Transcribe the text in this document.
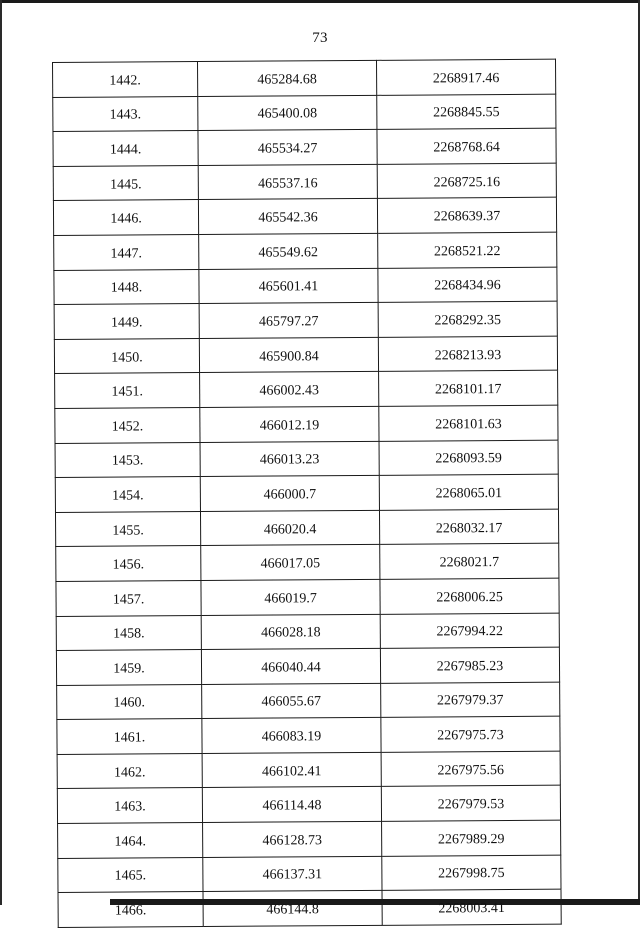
73
1442.	465284.68	2268917.46
1443.	465400.08	2268845.55
1444.	465534.27	2268768.64
1445.	465537.16	2268725.16
1446.	465542.36	2268639.37
1447.	465549.62	2268521.22
1448.	465601.41	2268434.96
1449.	465797.27	2268292.35
1450.	465900.84	2268213.93
1451.	466002.43	2268101.17
1452.	466012.19	2268101.63
1453.	466013.23	2268093.59
1454.	466000.7	2268065.01
1455.	466020.4	2268032.17
1456.	466017.05	2268021.7
1457.	466019.7	2268006.25
1458.	466028.18	2267994.22
1459.	466040.44	2267985.23
1460.	466055.67	2267979.37
1461.	466083.19	2267975.73
1462.	466102.41	2267975.56
1463.	466114.48	2267979.53
1464.	466128.73	2267989.29
1465.	466137.31	2267998.75
1466.	466144.8	2268003.41
